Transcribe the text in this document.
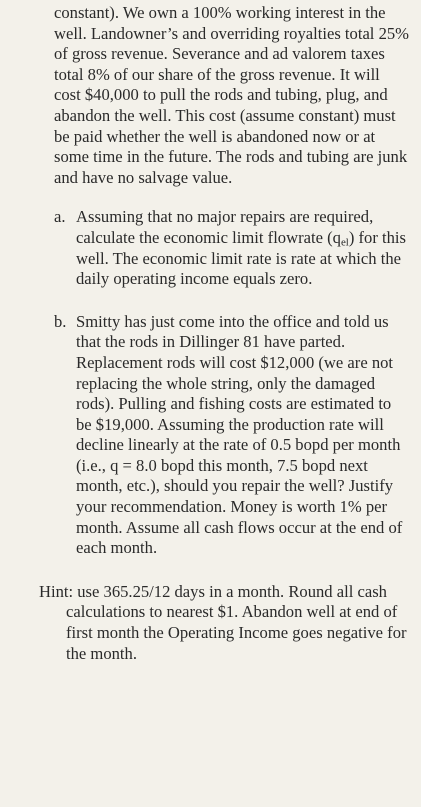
constant). We own a 100% working interest in the well. Landowner’s and overriding royalties total 25% of gross revenue. Severance and ad valorem taxes total 8% of our share of the gross revenue. It will cost $40,000 to pull the rods and tubing, plug, and abandon the well. This cost (assume constant) must be paid whether the well is abandoned now or at some time in the future. The rods and tubing are junk and have no salvage value.

a. Assuming that no major repairs are required, calculate the economic limit flowrate $(q_{el})$ for this well. The economic limit rate is rate at which the daily operating income equals zero.
b. Smitty has just come into the office and told us that the rods in Dillinger 81 have parted. Replacement rods will cost $12,000 (we are not replacing the whole string, only the damaged rods). Pulling and fishing costs are estimated to be $19,000. Assuming the production rate will decline linearly at the rate of 0.5 bopd per month (i.e., q = 8.0 bopd this month, 7.5 bopd next month, etc.), should you repair the well? Justify your recommendation. Money is worth 1% per month. Assume all cash flows occur at the end of each month.

Hint: use 365.25/12 days in a month. Round all cash calculations to nearest $1. Abandon well at end of first month the Operating Income goes negative for the month.
